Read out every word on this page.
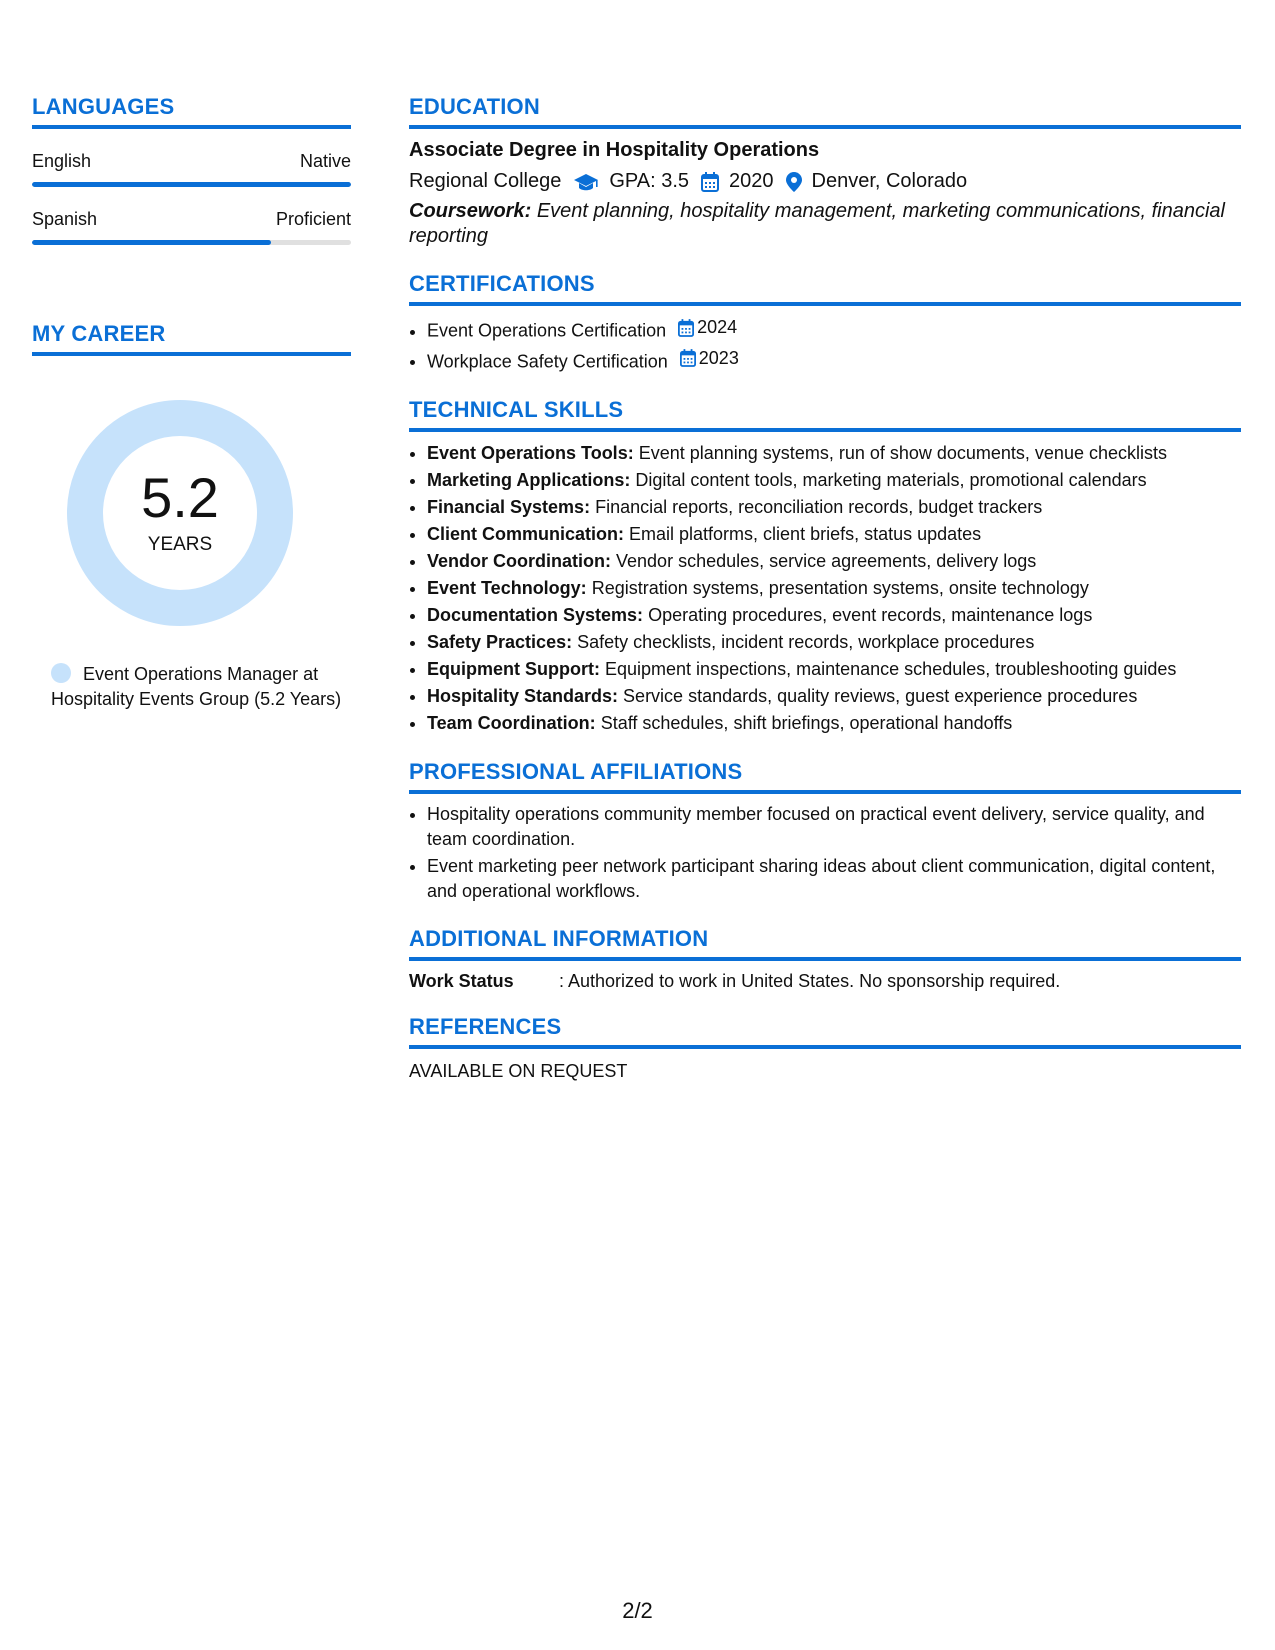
LANGUAGES
English	Native
Spanish	Proficient
MY CAREER
5.2
YEARS
Event Operations Manager at Hospitality Events Group (5.2 Years)
EDUCATION
Associate Degree in Hospitality Operations
Regional College GPA: 3.5 2020 Denver, Colorado
Coursework: Event planning, hospitality management, marketing communications, financial reporting
CERTIFICATIONS
• Event Operations Certification 2024
• Workplace Safety Certification 2023
TECHNICAL SKILLS
• Event Operations Tools: Event planning systems, run of show documents, venue checklists
• Marketing Applications: Digital content tools, marketing materials, promotional calendars
• Financial Systems: Financial reports, reconciliation records, budget trackers
• Client Communication: Email platforms, client briefs, status updates
• Vendor Coordination: Vendor schedules, service agreements, delivery logs
• Event Technology: Registration systems, presentation systems, onsite technology
• Documentation Systems: Operating procedures, event records, maintenance logs
• Safety Practices: Safety checklists, incident records, workplace procedures
• Equipment Support: Equipment inspections, maintenance schedules, troubleshooting guides
• Hospitality Standards: Service standards, quality reviews, guest experience procedures
• Team Coordination: Staff schedules, shift briefings, operational handoffs
PROFESSIONAL AFFILIATIONS
• Hospitality operations community member focused on practical event delivery, service quality, and team coordination.
• Event marketing peer network participant sharing ideas about client communication, digital content, and operational workflows.
ADDITIONAL INFORMATION
Work Status	: Authorized to work in United States. No sponsorship required.
REFERENCES
AVAILABLE ON REQUEST
2/2
